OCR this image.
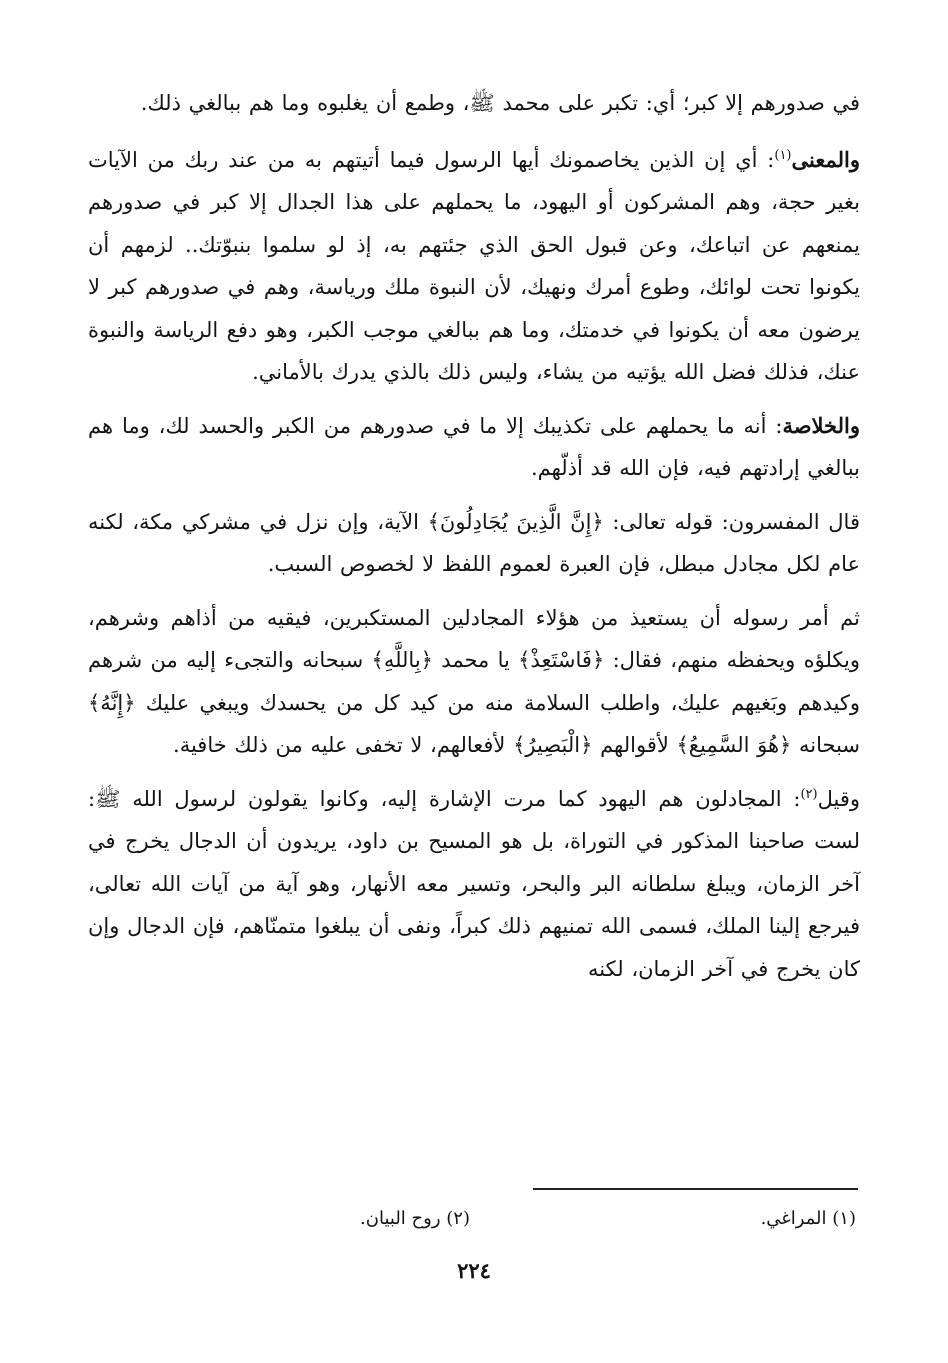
في صدورهم إلا كبر؛ أي: تكبر على محمد ﷺ، وطمع أن يغلبوه وما هم ببالغي ذلك.

والمعنى$^{(١)}$: أي إن الذين يخاصمونك أيها الرسول فيما أتيتهم به من عند ربك من الآيات بغير حجة، وهم المشركون أو اليهود، ما يحملهم على هذا الجدال إلا كبر في صدورهم يمنعهم عن اتباعك، وعن قبول الحق الذي جئتهم به، إذ لو سلموا بنبوّتك.. لزمهم أن يكونوا تحت لوائك، وطوع أمرك ونهيك، لأن النبوة ملك ورياسة، وهم في صدورهم كبر لا يرضون معه أن يكونوا في خدمتك، وما هم ببالغي موجب الكبر، وهو دفع الرياسة والنبوة عنك، فذلك فضل الله يؤتيه من يشاء، وليس ذلك بالذي يدرك بالأماني.

والخلاصة: أنه ما يحملهم على تكذيبك إلا ما في صدورهم من الكبر والحسد لك، وما هم ببالغي إرادتهم فيه، فإن الله قد أذلّهم.

قال المفسرون: قوله تعالى: ﴿إِنَّ الَّذِينَ يُجَادِلُونَ﴾ الآية، وإن نزل في مشركي مكة، لكنه عام لكل مجادل مبطل، فإن العبرة لعموم اللفظ لا لخصوص السبب.

ثم أمر رسوله أن يستعيذ من هؤلاء المجادلين المستكبرين، فيقيه من أذاهم وشرهم، ويكلؤه ويحفظه منهم، فقال: ﴿فَاسْتَعِذْ﴾ يا محمد ﴿بِاللَّهِ﴾ سبحانه والتجىء إليه من شرهم وكيدهم وبَغيهم عليك، واطلب السلامة منه من كيد كل من يحسدك ويبغي عليك ﴿إِنَّهُ﴾ سبحانه ﴿هُوَ السَّمِيعُ﴾ لأقوالهم ﴿الْبَصِيرُ﴾ لأفعالهم، لا تخفى عليه من ذلك خافية.

وقيل$^{(٢)}$: المجادلون هم اليهود كما مرت الإشارة إليه، وكانوا يقولون لرسول الله ﷺ: لست صاحبنا المذكور في التوراة، بل هو المسيح بن داود، يريدون أن الدجال يخرج في آخر الزمان، ويبلغ سلطانه البر والبحر، وتسير معه الأنهار، وهو آية من آيات الله تعالى، فيرجع إلينا الملك، فسمى الله تمنيهم ذلك كبراً، ونفى أن يبلغوا متمنّاهم، فإن الدجال وإن كان يخرج في آخر الزمان، لكنه

(١) المراغي.
(٢) روح البيان.
٢٢٤
